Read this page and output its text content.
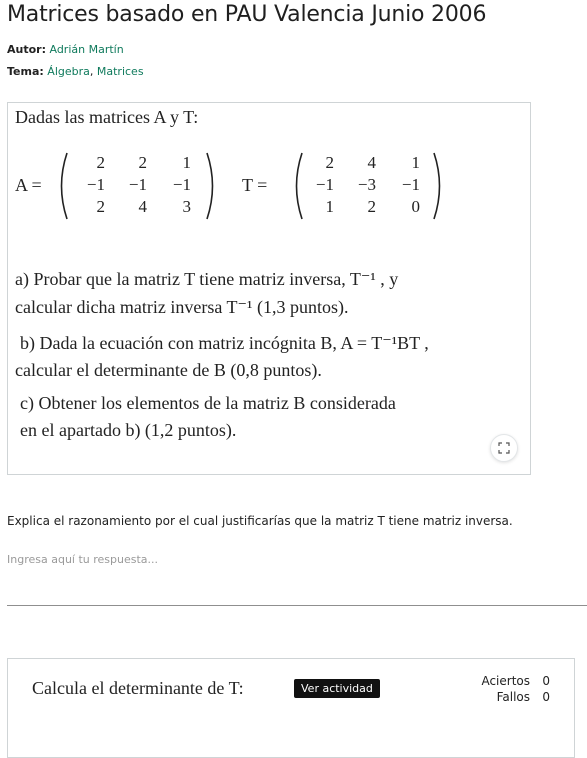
Matrices basado en PAU Valencia Junio 2006
Autor: Adrián Martín
Tema: Álgebra, Matrices

Dadas las matrices A y T:

A =
2	2	1
−1	−1	−1
2	4	3
T =
2	4	1
−1	−3	−1
1	2	0

a) Probar que la matriz T tiene matriz inversa, T⁻¹ , y

calcular dicha matriz inversa T⁻¹ (1,3 puntos).

b) Dada la ecuación con matriz incógnita B, A = T⁻¹BT ,

calcular el determinante de B (0,8 puntos).

c) Obtener los elementos de la matriz B considerada

en el apartado b) (1,2 puntos).

Explica el razonamiento por el cual justificarías que la matriz T tiene matriz inversa.
Ingresa aquí tu respuesta...
Calcula el determinante de T:	Ver actividad
Aciertos 0
Fallos 0
